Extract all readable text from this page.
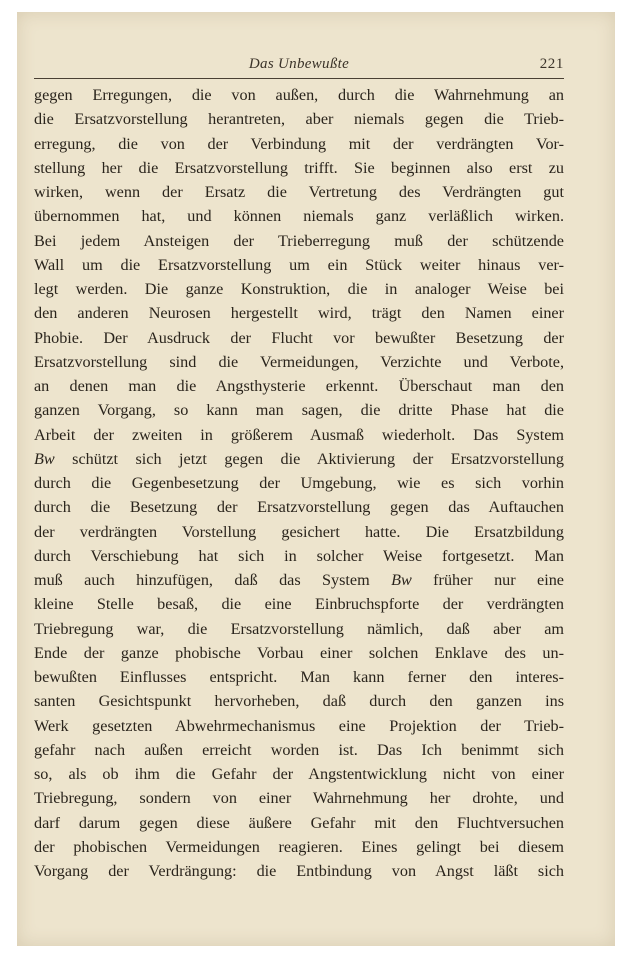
Das Unbewußte	221
gegen Erregungen, die von außen, durch die Wahrnehmung an
die Ersatzvorstellung herantreten, aber niemals gegen die Trieb-
erregung, die von der Verbindung mit der verdrängten Vor-
stellung her die Ersatzvorstellung trifft. Sie beginnen also erst zu
wirken, wenn der Ersatz die Vertretung des Verdrängten gut
übernommen hat, und können niemals ganz verläßlich wirken.
Bei jedem Ansteigen der Trieberregung muß der schützende
Wall um die Ersatzvorstellung um ein Stück weiter hinaus ver-
legt werden. Die ganze Konstruktion, die in analoger Weise bei
den anderen Neurosen hergestellt wird, trägt den Namen einer
Phobie. Der Ausdruck der Flucht vor bewußter Besetzung der
Ersatzvorstellung sind die Vermeidungen, Verzichte und Verbote,
an denen man die Angsthysterie erkennt. Überschaut man den
ganzen Vorgang, so kann man sagen, die dritte Phase hat die
Arbeit der zweiten in größerem Ausmaß wiederholt. Das System
Bw schützt sich jetzt gegen die Aktivierung der Ersatzvorstellung
durch die Gegenbesetzung der Umgebung, wie es sich vorhin
durch die Besetzung der Ersatzvorstellung gegen das Auftauchen
der verdrängten Vorstellung gesichert hatte. Die Ersatzbildung
durch Verschiebung hat sich in solcher Weise fortgesetzt. Man
muß auch hinzufügen, daß das System Bw früher nur eine
kleine Stelle besaß, die eine Einbruchspforte der verdrängten
Triebregung war, die Ersatzvorstellung nämlich, daß aber am
Ende der ganze phobische Vorbau einer solchen Enklave des un-
bewußten Einflusses entspricht. Man kann ferner den interes-
santen Gesichtspunkt hervorheben, daß durch den ganzen ins
Werk gesetzten Abwehrmechanismus eine Projektion der Trieb-
gefahr nach außen erreicht worden ist. Das Ich benimmt sich
so, als ob ihm die Gefahr der Angstentwicklung nicht von einer
Triebregung, sondern von einer Wahrnehmung her drohte, und
darf darum gegen diese äußere Gefahr mit den Fluchtversuchen
der phobischen Vermeidungen reagieren. Eines gelingt bei diesem
Vorgang der Verdrängung: die Entbindung von Angst läßt sich
